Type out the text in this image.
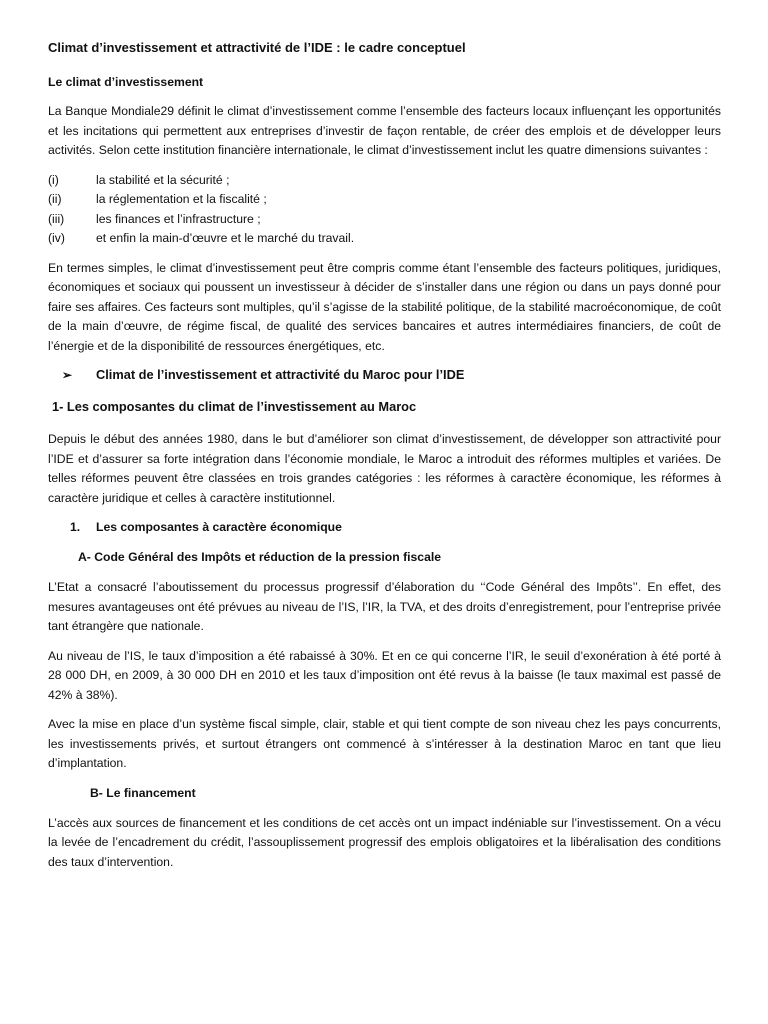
Climat d’investissement et attractivité de l’IDE : le cadre conceptuel
Le climat d’investissement

La Banque Mondiale29 définit le climat d’investissement comme l’ensemble des facteurs locaux influençant les opportunités et les incitations qui permettent aux entreprises d’investir de façon rentable, de créer des emplois et de développer leurs activités. Selon cette institution financière internationale, le climat d’investissement inclut les quatre dimensions suivantes :

(i)	la stabilité et la sécurité ;
(ii)	la réglementation et la fiscalité ;
(iii)	les finances et l’infrastructure ;
(iv)	et enfin la main-d’œuvre et le marché du travail.

En termes simples, le climat d’investissement peut être compris comme étant l’ensemble des facteurs politiques, juridiques, économiques et sociaux qui poussent un investisseur à décider de s’installer dans une région ou dans un pays donné pour faire ses affaires. Ces facteurs sont multiples, qu’il s’agisse de la stabilité politique, de la stabilité macroéconomique, de coût de la main d’œuvre, de régime fiscal, de qualité des services bancaires et autres intermédiaires financiers, de coût de l’énergie et de la disponibilité de ressources énergétiques, etc.

➢	Climat de l’investissement et attractivité du Maroc pour l’IDE
1- Les composantes du climat de l’investissement au Maroc

Depuis le début des années 1980, dans le but d’améliorer son climat d’investissement, de développer son attractivité pour l’IDE et d’assurer sa forte intégration dans l’économie mondiale, le Maroc a introduit des réformes multiples et variées. De telles réformes peuvent être classées en trois grandes catégories : les réformes à caractère économique, les réformes à caractère juridique et celles à caractère institutionnel.

1.	Les composantes à caractère économique
A- Code Général des Impôts et réduction de la pression fiscale

L’Etat a consacré l’aboutissement du processus progressif d’élaboration du ‘‘Code Général des Impôts’’. En effet, des mesures avantageuses ont été prévues au niveau de l’IS, l’IR, la TVA, et des droits d’enregistrement, pour l’entreprise privée tant étrangère que nationale.

Au niveau de l’IS, le taux d’imposition a été rabaissé à 30%. Et en ce qui concerne l’IR, le seuil d’exonération à été porté à 28 000 DH, en 2009, à 30 000 DH en 2010 et les taux d’imposition ont été revus à la baisse (le taux maximal est passé de 42% à 38%).

Avec la mise en place d’un système fiscal simple, clair, stable et qui tient compte de son niveau chez les pays concurrents, les investissements privés, et surtout étrangers ont commencé à s’intéresser à la destination Maroc en tant que lieu d’implantation.

B- Le financement

L’accès aux sources de financement et les conditions de cet accès ont un impact indéniable sur l’investissement. On a vécu la levée de l’encadrement du crédit, l’assouplissement progressif des emplois obligatoires et la libéralisation des conditions des taux d’intervention.
